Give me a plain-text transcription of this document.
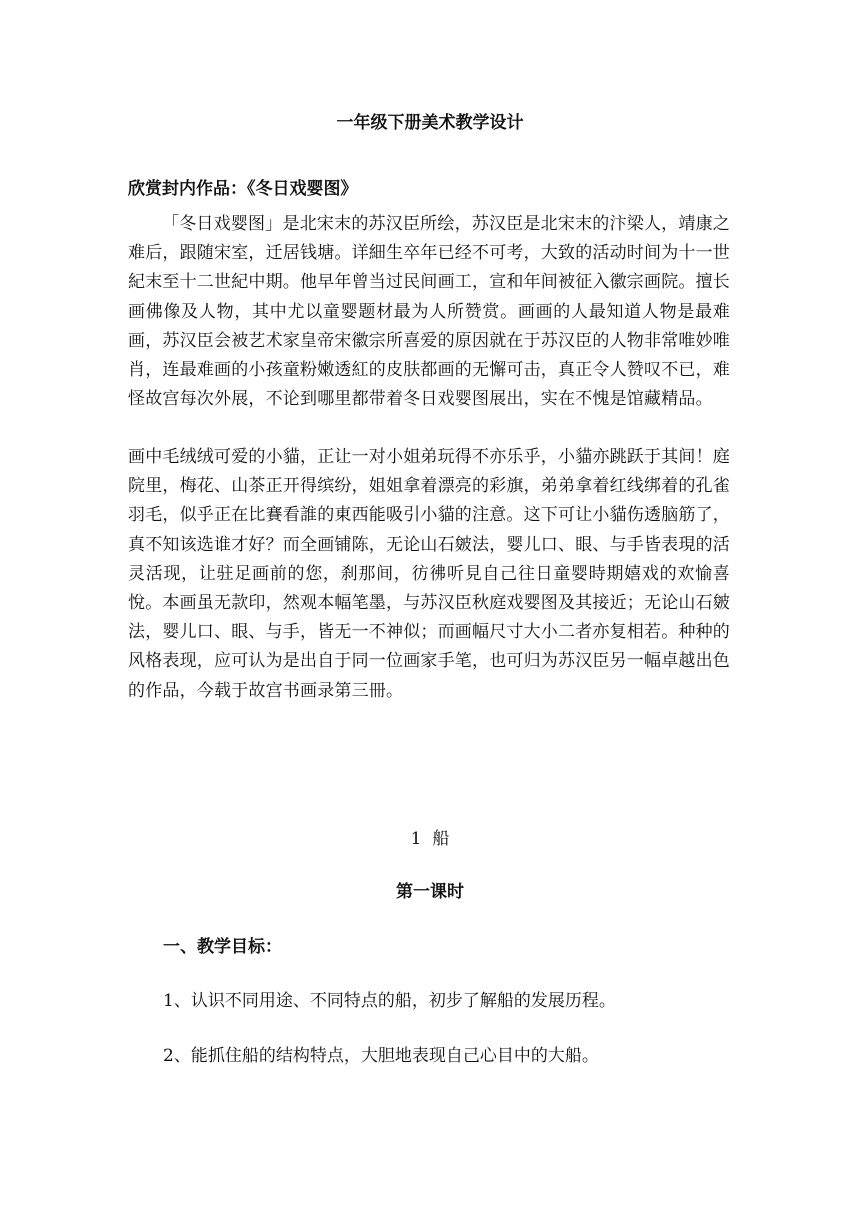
一年级下册美术教学设计
欣赏封内作品：《冬日戏婴图》
「冬日戏婴图」是北宋末的苏汉臣所绘，苏汉臣是北宋末的汴梁人，靖康之难后，跟随宋室，迁居钱塘。详細生卒年已经不可考，大致的活动时间为十一世紀末至十二世紀中期。他早年曾当过民间画工，宣和年间被征入徽宗画院。擅长画佛像及人物，其中尤以童婴题材最为人所赞赏。画画的人最知道人物是最难画，苏汉臣会被艺术家皇帝宋徽宗所喜爱的原因就在于苏汉臣的人物非常唯妙唯肖，连最难画的小孩童粉嫩透紅的皮肤都画的无懈可击，真正令人赞叹不已，难怪故宫每次外展，不论到哪里都带着冬日戏婴图展出，实在不愧是馆藏精品。
画中毛绒绒可爱的小貓，正让一对小姐弟玩得不亦乐乎，小貓亦跳跃于其间！庭院里，梅花、山茶正开得缤纷，姐姐拿着漂亮的彩旗，弟弟拿着红线绑着的孔雀羽毛，似乎正在比賽看誰的東西能吸引小貓的注意。这下可让小貓伤透脑筋了，真不知该选谁才好？而全画铺陈，无论山石皴法，婴儿口、眼、与手皆表現的活灵活现，让驻足画前的您，刹那间，彷彿听見自己往日童婴時期嬉戏的欢愉喜悅。本画虽无款印，然观本幅笔墨，与苏汉臣秋庭戏婴图及其接近；无论山石皴法，婴儿口、眼、与手，皆无一不神似；而画幅尺寸大小二者亦复相若。种种的风格表现，应可认为是出自于同一位画家手笔，也可归为苏汉臣另一幅卓越出色的作品，今载于故宫书画录第三冊。
1 船
第一课时
一、教学目标：
1、认识不同用途、不同特点的船，初步了解船的发展历程。
2、能抓住船的结构特点，大胆地表现自己心目中的大船。
